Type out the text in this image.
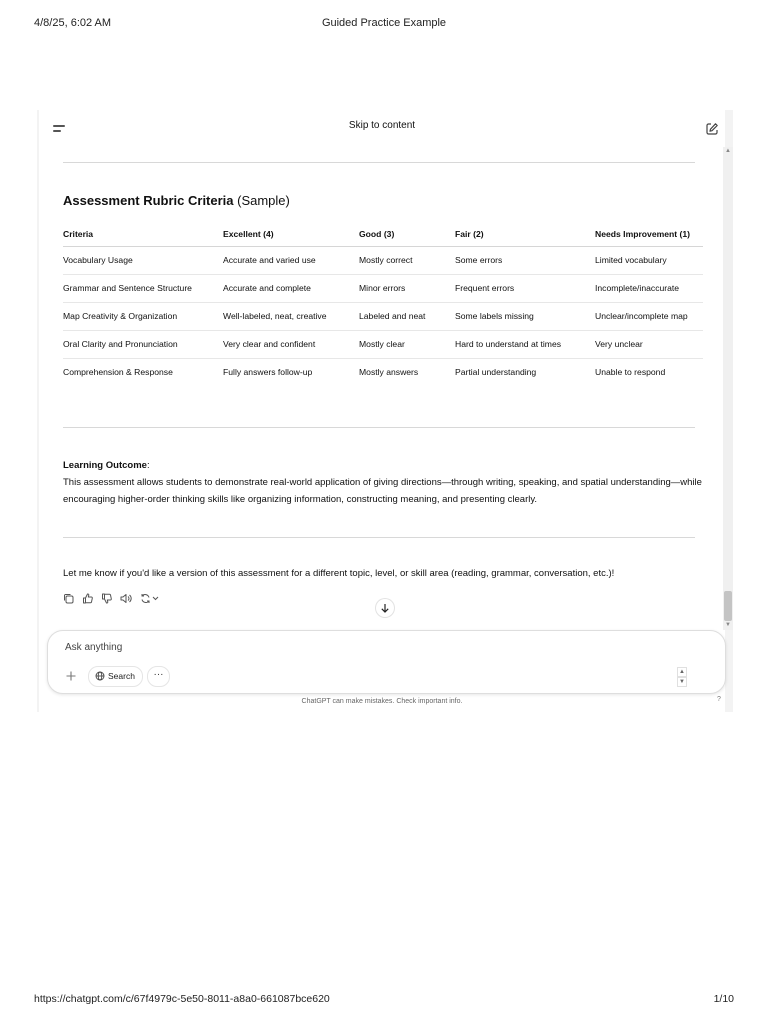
4/8/25, 6:02 AM	Guided Practice Example
Skip to content
Assessment Rubric Criteria (Sample)
Criteria	Excellent (4)	Good (3)	Fair (2)	Needs Improvement (1)
Vocabulary Usage	Accurate and varied use	Mostly correct	Some errors	Limited vocabulary
Grammar and Sentence Structure	Accurate and complete	Minor errors	Frequent errors	Incomplete/inaccurate
Map Creativity & Organization	Well-labeled, neat, creative	Labeled and neat	Some labels missing	Unclear/incomplete map
Oral Clarity and Pronunciation	Very clear and confident	Mostly clear	Hard to understand at times	Very unclear
Comprehension & Response	Fully answers follow-up	Mostly answers	Partial understanding	Unable to respond
Learning Outcome:
This assessment allows students to demonstrate real-world application of giving directions—through writing, speaking, and spatial understanding—while encouraging higher-order thinking skills like organizing information, constructing meaning, and presenting clearly.
Let me know if you'd like a version of this assessment for a different topic, level, or skill area (reading, grammar, conversation, etc.)!
▲
▼
Ask anything
Search	···	▲
▼
ChatGPT can make mistakes. Check important info.	?
https://chatgpt.com/c/67f4979c-5e50-8011-a8a0-661087bce620	1/10
